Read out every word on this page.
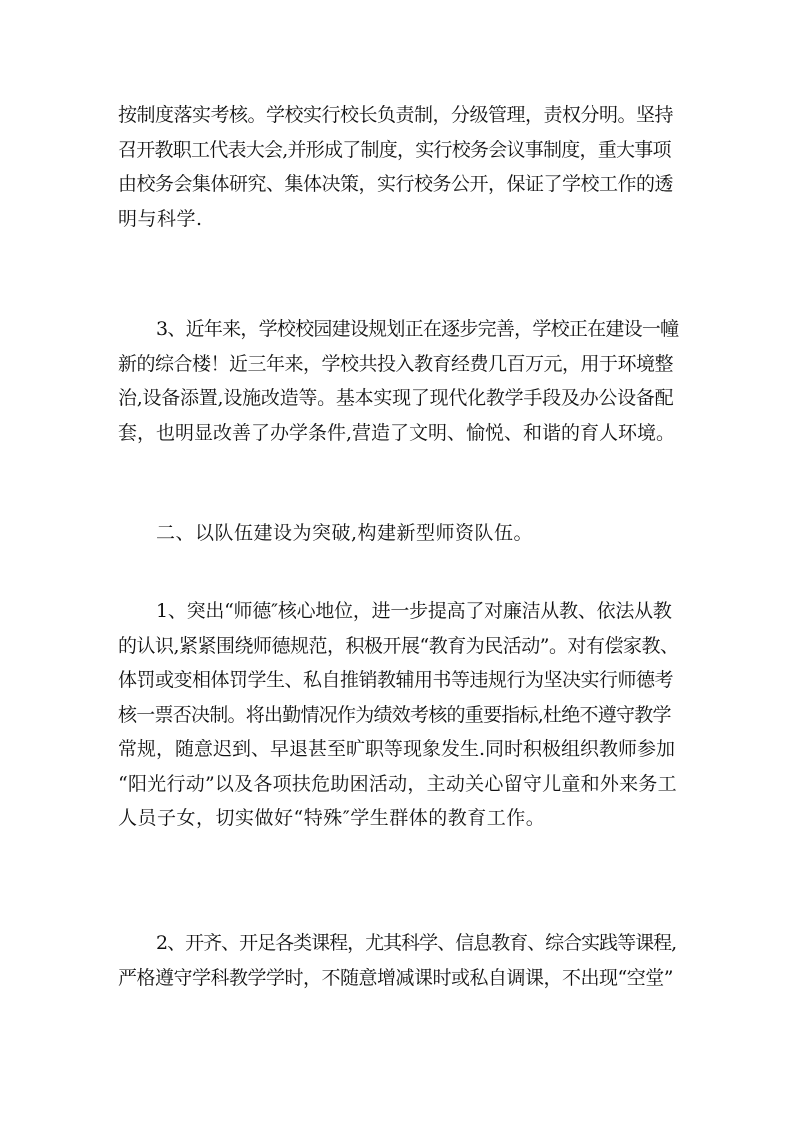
按制度落实考核。学校实行校长负责制，分级管理，责权分明。坚持
召开教职工代表大会,并形成了制度，实行校务会议事制度，重大事项
由校务会集体研究、集体决策，实行校务公开，保证了学校工作的透
明与科学.

3、近年来，学校校园建设规划正在逐步完善，学校正在建设一幢
新的综合楼！近三年来，学校共投入教育经费几百万元，用于环境整
治,设备添置,设施改造等。基本实现了现代化教学手段及办公设备配
套，也明显改善了办学条件,营造了文明、愉悦、和谐的育人环境。

二、以队伍建设为突破,构建新型师资队伍。

1、突出“师德″核心地位，进一步提高了对廉洁从教、依法从教
的认识,紧紧围绕师德规范，积极开展“教育为民活动”。对有偿家教、
体罚或变相体罚学生、私自推销教辅用书等违规行为坚决实行师德考
核一票否决制。将出勤情况作为绩效考核的重要指标,杜绝不遵守教学
常规，随意迟到、早退甚至旷职等现象发生.同时积极组织教师参加
“阳光行动”以及各项扶危助困活动，主动关心留守儿童和外来务工
人员子女，切实做好“特殊″学生群体的教育工作。

2、开齐、开足各类课程，尤其科学、信息教育、综合实践等课程,
严格遵守学科教学学时，不随意增减课时或私自调课，不出现“空堂”
